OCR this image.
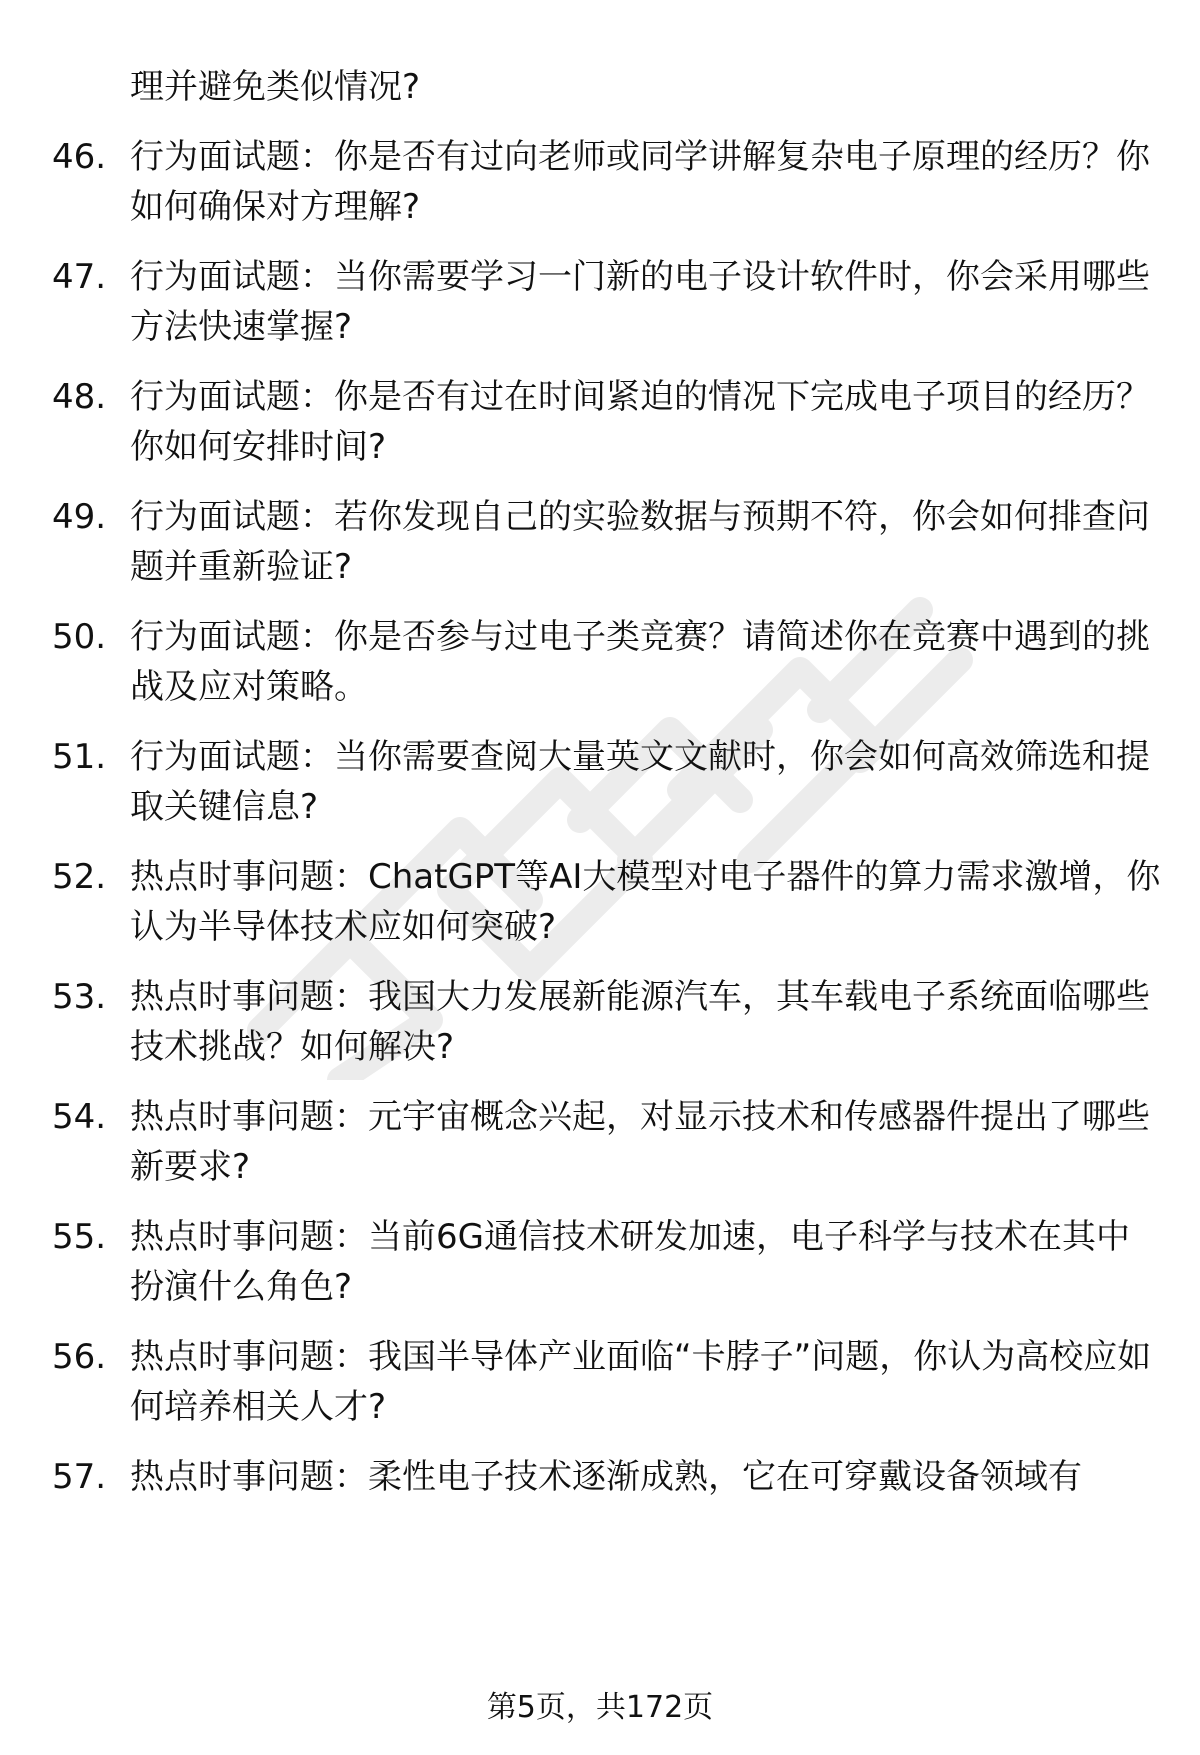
理并避免类似情况?
46. 行为面试题：你是否有过向老师或同学讲解复杂电子原理的经历？你如何确保对方理解?
47. 行为面试题：当你需要学习一门新的电子设计软件时，你会采用哪些方法快速掌握?
48. 行为面试题：你是否有过在时间紧迫的情况下完成电子项目的经历？你如何安排时间?
49. 行为面试题：若你发现自己的实验数据与预期不符，你会如何排查问题并重新验证?
50. 行为面试题：你是否参与过电子类竞赛？请简述你在竞赛中遇到的挑战及应对策略。
51. 行为面试题：当你需要查阅大量英文文献时，你会如何高效筛选和提取关键信息?
52. 热点时事问题：ChatGPT等AI大模型对电子器件的算力需求激增，你认为半导体技术应如何突破?
53. 热点时事问题：我国大力发展新能源汽车，其车载电子系统面临哪些技术挑战？如何解决?
54. 热点时事问题：元宇宙概念兴起，对显示技术和传感器件提出了哪些新要求?
55. 热点时事问题：当前6G通信技术研发加速，电子科学与技术在其中扮演什么角色?
56. 热点时事问题：我国半导体产业面临“卡脖子”问题，你认为高校应如何培养相关人才?
57. 热点时事问题：柔性电子技术逐渐成熟，它在可穿戴设备领域有
第5页，共172页
